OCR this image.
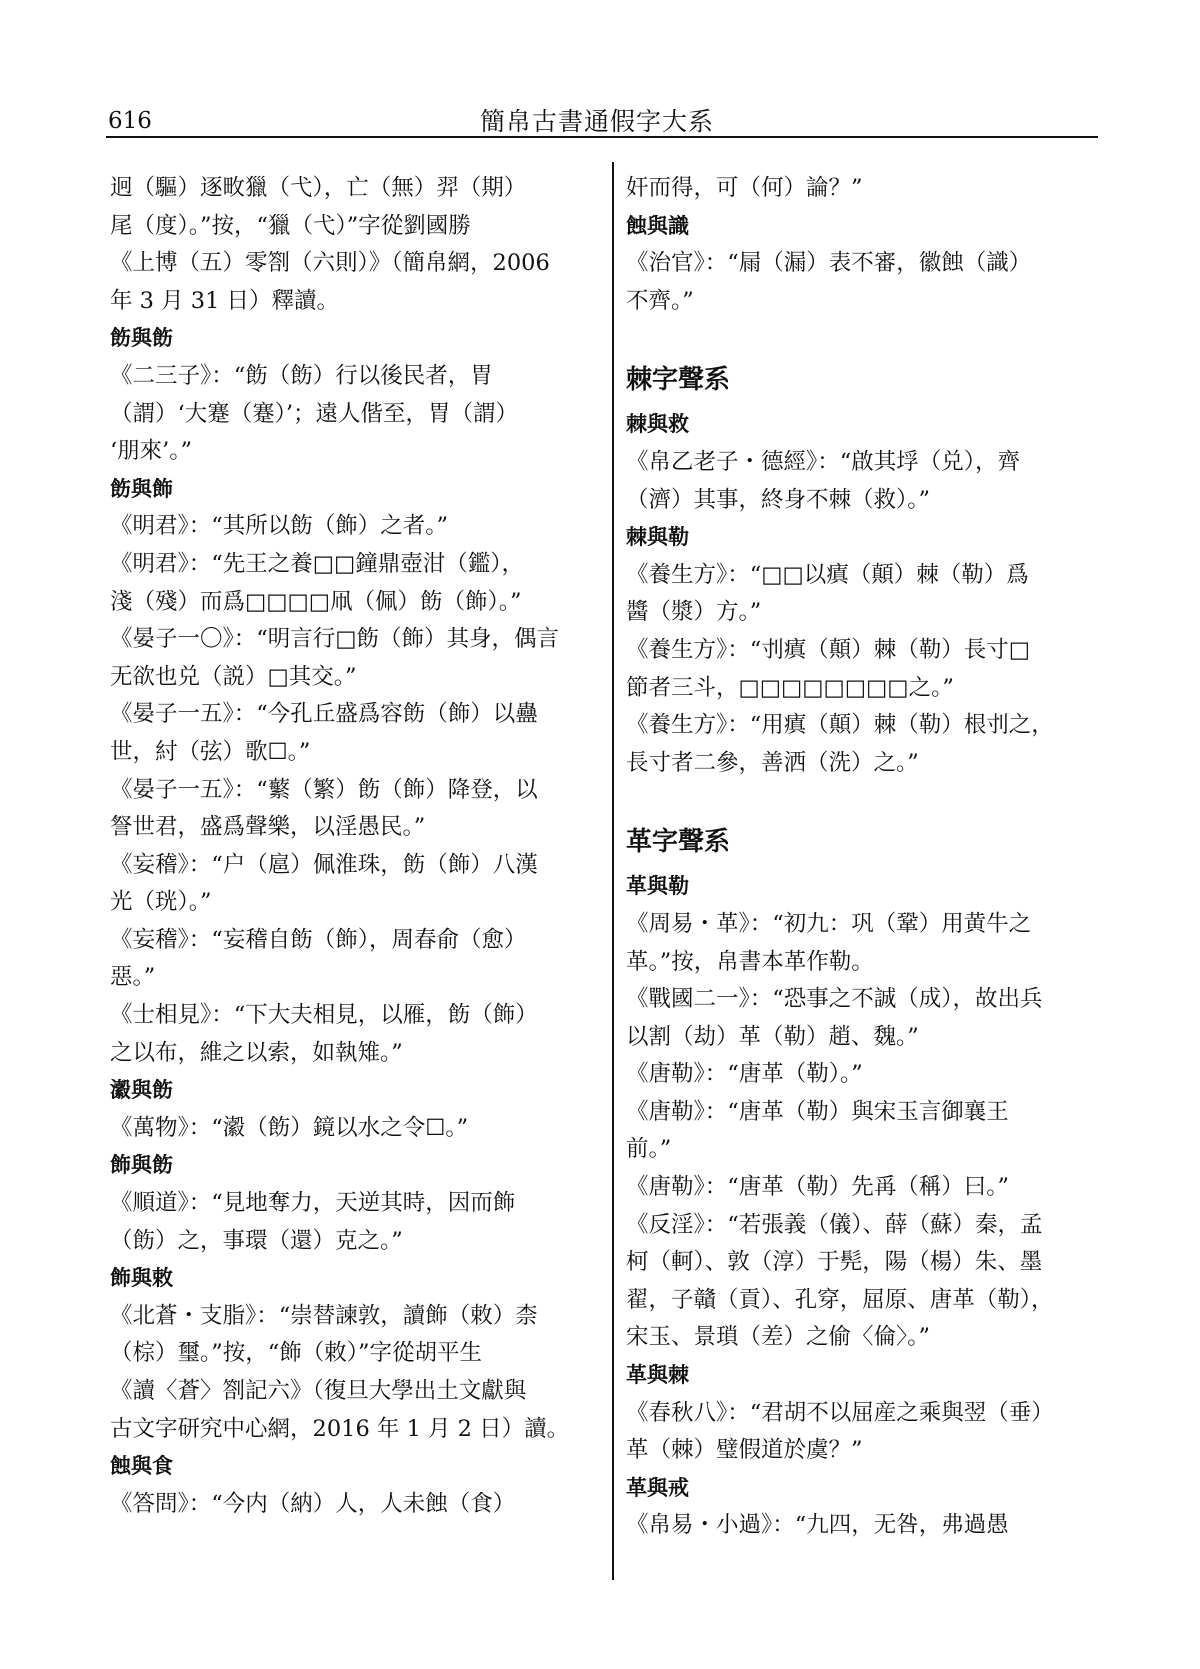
616	簡帛古書通假字大系
迥（驅）逐畋獵（弋），亡（無）羿（期）
尾（度）。”按，“獵（弋）”字從劉國勝
《上博（五）零劄（六則）》（簡帛網，2006
年 3 月 31 日）釋讀。
飭與飭
《二三子》：“飭（飭）行以後民者，胃
（謂）‘大蹇（蹇）’；遠人偕至，胃（謂）
‘朋來’。”
飭與飾
《明君》：“其所以飭（飾）之者。”
《明君》：“先王之養□□鐘鼎壺泔（鑑），
淺（殘）而爲□□□□凧（佩）飭（飾）。”
《晏子一〇》：“明言行□飭（飾）其身，偶言
无欲也兑（説）□其交。”
《晏子一五》：“今孔丘盛爲容飭（飾）以蠱
世，紂（弦）歌☐。”
《晏子一五》：“蘩（繁）飭（飾）降登，以
詧世君，盛爲聲樂，以淫愚民。”
《妄稽》：“户（扈）佩淮珠，飭（飾）八漢
光（珖）。”
《妄稽》：“妄稽自飭（飾），周春俞（愈）
惡。”
《士相見》：“下大夫相見，以雁，飭（飾）
之以布，維之以索，如執雉。”
瀫與飭
《萬物》：“瀫（飭）鏡以水之令☐。”
飾與飭
《順道》：“見地奪力，天逆其時，因而飾
（飭）之，事環（還）克之。”
飾與敕
《北蒼・支脂》：“崇替諫敦，讀飾（敕）柰
（棕）璽。”按，“飾（敕）”字從胡平生
《讀〈蒼〉劄記六》（復旦大學出土文獻與
古文字研究中心網，2016 年 1 月 2 日）讀。
蝕與食
《答問》：“今内（納）人，人未蝕（食）
奸而得，可（何）論？”
蝕與識
《治官》：“屚（漏）表不審，徽蝕（識）
不齊。”
棘字聲系
棘與救
《帛乙老子・德經》：“啟其垺（兑），齊
（濟）其事，終身不棘（救）。”
棘與勒
《養生方》：“□□以瘨（顛）棘（勒）爲
醬（漿）方。”
《養生方》：“刌瘨（顛）棘（勒）長寸□
節者三斗，□□□□□□□□之。”
《養生方》：“用瘨（顛）棘（勒）根刌之，
長寸者二參，善洒（洗）之。”
革字聲系
革與勒
《周易・革》：“初九：巩（鞏）用黄牛之
革。”按，帛書本革作勒。
《戰國二一》：“恐事之不誠（成），故出兵
以割（劫）革（勒）趙、魏。”
《唐勒》：“唐革（勒）。”
《唐勒》：“唐革（勒）與宋玉言御襄王
前。”
《唐勒》：“唐革（勒）先爯（稱）曰。”
《反淫》：“若張義（儀）、薛（蘇）秦，孟
柯（軻）、敦（淳）于髡，陽（楊）朱、墨
翟，子贛（貢）、孔穿，屈原、唐革（勒），
宋玉、景瑣（差）之偷〈倫〉。”
革與棘
《春秋八》：“君胡不以屈産之乘與翌（垂）
革（棘）璧假道於虞？”
革與戒
《帛易・小過》：“九四，无咎，弗過愚
